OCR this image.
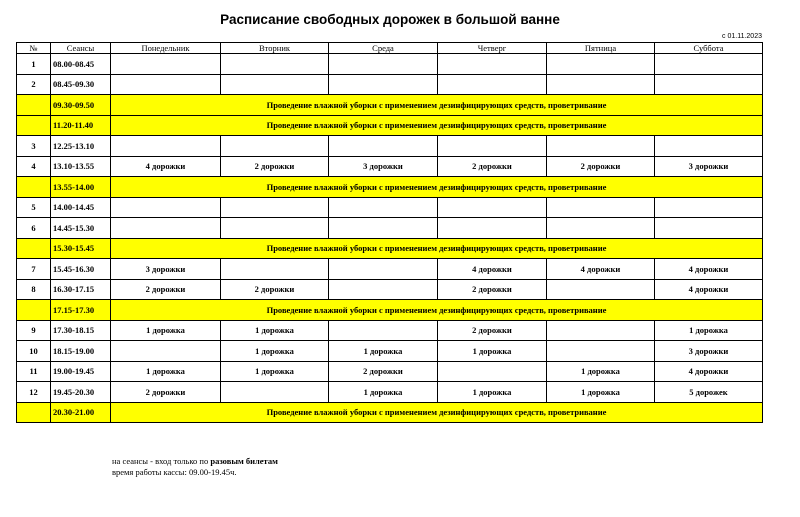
Расписание свободных дорожек в большой ванне
с 01.11.2023
№	Сеансы	Понедельник	Вторник	Среда	Четверг	Пятница	Суббота
1	08.00-08.45						
2	08.45-09.30						
	09.30-09.50	Проведение влажной уборки с применением дезинфицирующих средств, проветривание					
	11.20-11.40	Проведение влажной уборки с применением дезинфицирующих средств, проветривание					
3	12.25-13.10						
4	13.10-13.55	4 дорожки	2 дорожки	3 дорожки	2 дорожки	2 дорожки	3 дорожки
	13.55-14.00	Проведение влажной уборки с применением дезинфицирующих средств, проветривание					
5	14.00-14.45						
6	14.45-15.30						
	15.30-15.45	Проведение влажной уборки с применением дезинфицирующих средств, проветривание					
7	15.45-16.30	3 дорожки			4 дорожки	4 дорожки	4 дорожки
8	16.30-17.15	2 дорожки	2 дорожки		2 дорожки		4 дорожки
	17.15-17.30	Проведение влажной уборки с применением дезинфицирующих средств, проветривание					
9	17.30-18.15	1 дорожка	1 дорожка		2 дорожки		1 дорожка
10	18.15-19.00		1 дорожка	1 дорожка	1 дорожка		3 дорожки
11	19.00-19.45	1 дорожка	1 дорожка	2 дорожки		1 дорожка	4 дорожки
12	19.45-20.30	2 дорожки		1 дорожка	1 дорожка	1 дорожка	5 дорожек
	20.30-21.00	Проведение влажной уборки с применением дезинфицирующих средств, проветривание					
на сеансы - вход только по разовым билетам
время работы кассы: 09.00-19.45ч.
